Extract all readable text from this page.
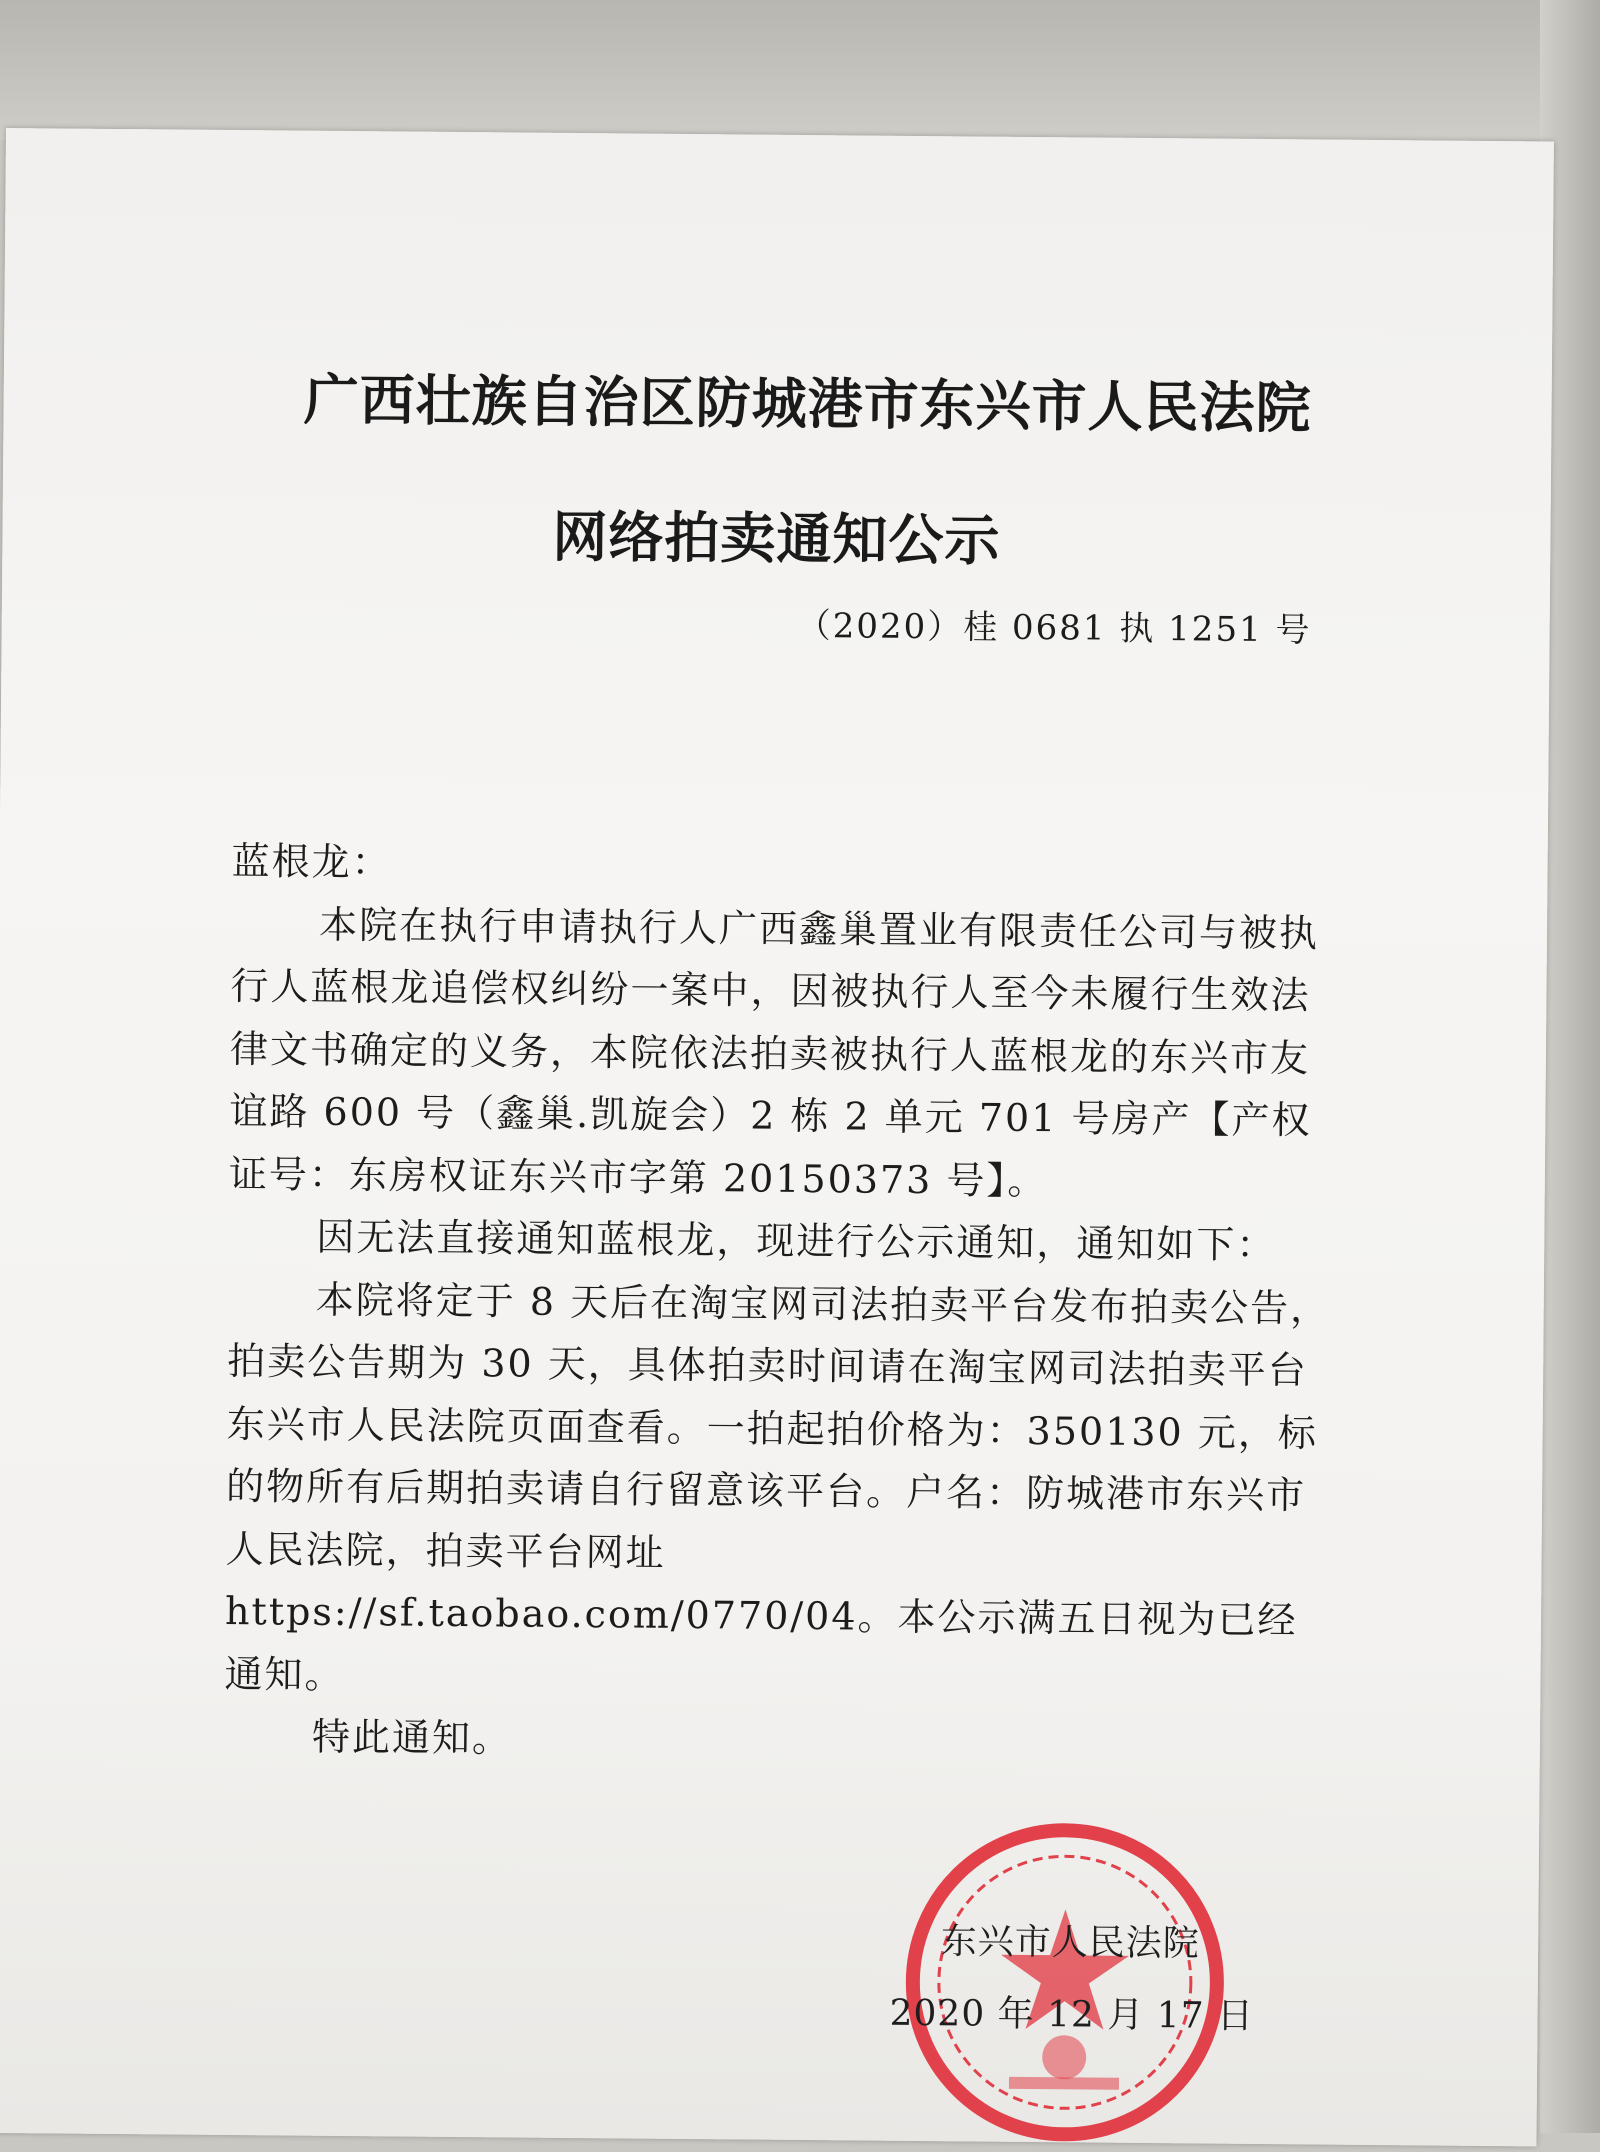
广西壮族自治区防城港市东兴市人民法院
网络拍卖通知公示
（2020）桂 0681 执 1251 号

蓝根龙：

本院在执行申请执行人广西鑫巢置业有限责任公司与被执行人蓝根龙追偿权纠纷一案中，因被执行人至今未履行生效法律文书确定的义务，本院依法拍卖被执行人蓝根龙的东兴市友谊路 600 号（鑫巢.凯旋会）2 栋 2 单元 701 号房产【产权证号：东房权证东兴市字第 20150373 号】。

因无法直接通知蓝根龙，现进行公示通知，通知如下：

本院将定于 8 天后在淘宝网司法拍卖平台发布拍卖公告，拍卖公告期为 30 天，具体拍卖时间请在淘宝网司法拍卖平台东兴市人民法院页面查看。一拍起拍价格为：350130 元，标的物所有后期拍卖请自行留意该平台。户名：防城港市东兴市人民法院，拍卖平台网址 https://sf.taobao.com/0770/04。本公示满五日视为已经通知。

特此通知。

东兴市人民法院
2020 年 12 月 17 日
